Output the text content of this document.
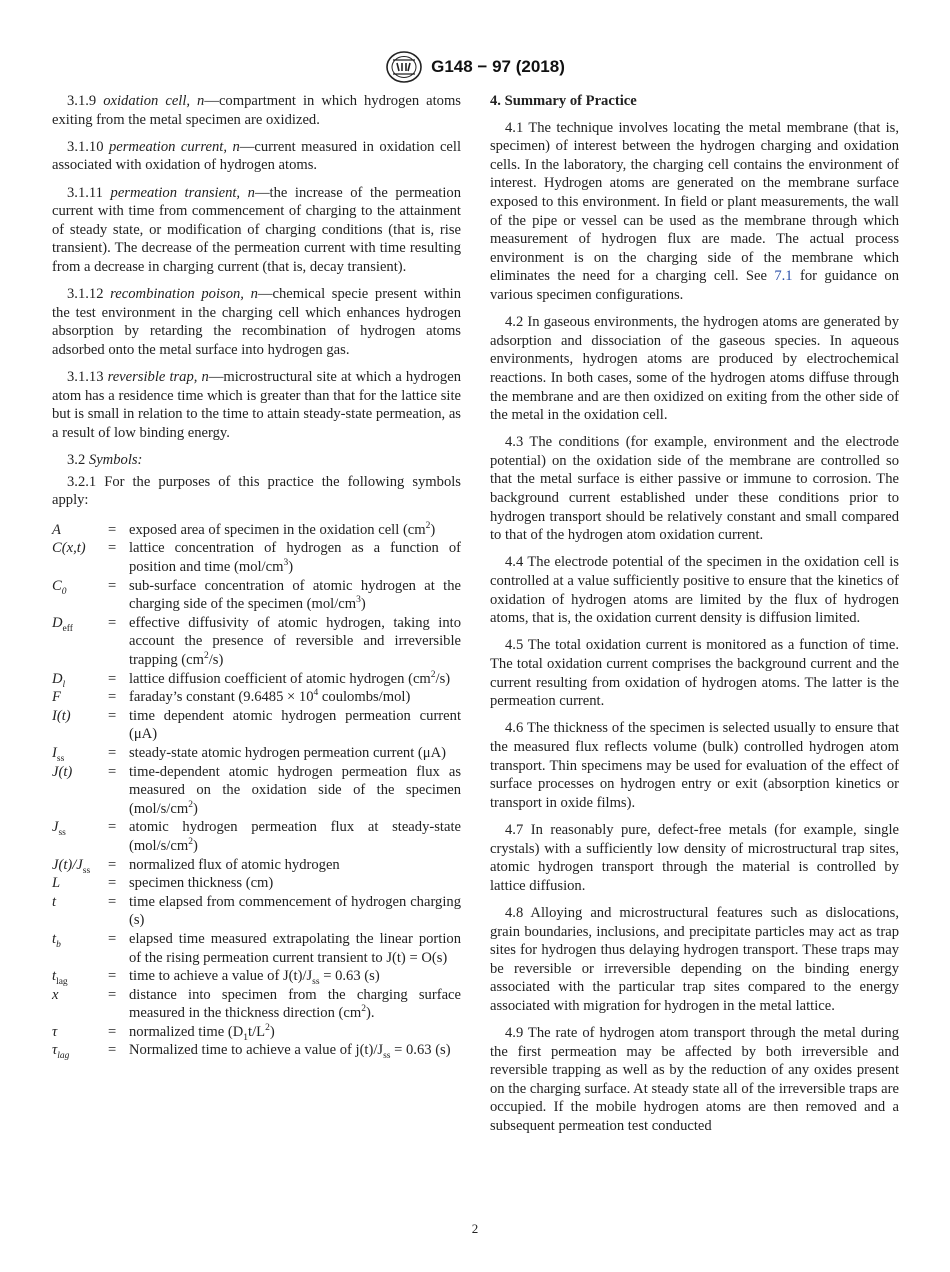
G148 − 97 (2018)

3.1.9 oxidation cell, n—compartment in which hydrogen atoms exiting from the metal specimen are oxidized.

3.1.10 permeation current, n—current measured in oxidation cell associated with oxidation of hydrogen atoms.

3.1.11 permeation transient, n—the increase of the permeation current with time from commencement of charging to the attainment of steady state, or modification of charging conditions (that is, rise transient). The decrease of the permeation current with time resulting from a decrease in charging current (that is, decay transient).

3.1.12 recombination poison, n—chemical specie present within the test environment in the charging cell which enhances hydrogen absorption by retarding the recombination of hydrogen atoms adsorbed onto the metal surface into hydrogen gas.

3.1.13 reversible trap, n—microstructural site at which a hydrogen atom has a residence time which is greater than that for the lattice site but is small in relation to the time to attain steady-state permeation, as a result of low binding energy.

3.2 Symbols:

3.2.1 For the purposes of this practice the following symbols apply:

A	= exposed area of specimen in the oxidation cell $(cm^2)$
C(x,t)	= lattice concentration of hydrogen as a function of position and time $(mol/cm^3)$
$C_0$	= sub-surface concentration of atomic hydrogen at the charging side of the specimen $(mol/cm^3)$
$D_{eff}$	= effective diffusivity of atomic hydrogen, taking into account the presence of reversible and irreversible trapping $(cm^2/s)$
$D_l$	= lattice diffusion coefficient of atomic hydrogen $(cm^2/s)$
F	= faraday’s constant ($9.6485 \times 10^4$ coulombs/mol)
I(t)	= time dependent atomic hydrogen permeation current (μA)
$I_{ss}$	= steady-state atomic hydrogen permeation current (μA)
J(t)	= time-dependent atomic hydrogen permeation flux as measured on the oxidation side of the specimen $(mol/s/cm^2)$
$J_{ss}$	= atomic hydrogen permeation flux at steady-state $(mol/s/cm^2)$
$J(t)/J_{ss}$	= normalized flux of atomic hydrogen
L	= specimen thickness (cm)
t	= time elapsed from commencement of hydrogen charging (s)
$t_b$	= elapsed time measured extrapolating the linear portion of the rising permeation current transient to J(t) = O(s)
$t_{lag}$	= time to achieve a value of $J(t)/J_{ss} = 0.63$ (s)
x	= distance into specimen from the charging surface measured in the thickness direction $(cm^2)$.
τ	= normalized time $(D_1t/L^2)$
$\tau_{lag}$	= Normalized time to achieve a value of $j(t)/J_{ss} = 0.63$ (s)
4. Summary of Practice

4.1 The technique involves locating the metal membrane (that is, specimen) of interest between the hydrogen charging and oxidation cells. In the laboratory, the charging cell contains the environment of interest. Hydrogen atoms are generated on the membrane surface exposed to this environment. In field or plant measurements, the wall of the pipe or vessel can be used as the membrane through which measurement of hydrogen flux are made. The actual process environment is on the charging side of the membrane which eliminates the need for a charging cell. See 7.1 for guidance on various specimen configurations.

4.2 In gaseous environments, the hydrogen atoms are generated by adsorption and dissociation of the gaseous species. In aqueous environments, hydrogen atoms are produced by electrochemical reactions. In both cases, some of the hydrogen atoms diffuse through the membrane and are then oxidized on exiting from the other side of the metal in the oxidation cell.

4.3 The conditions (for example, environment and the electrode potential) on the oxidation side of the membrane are controlled so that the metal surface is either passive or immune to corrosion. The background current established under these conditions prior to hydrogen transport should be relatively constant and small compared to that of the hydrogen atom oxidation current.

4.4 The electrode potential of the specimen in the oxidation cell is controlled at a value sufficiently positive to ensure that the kinetics of oxidation of hydrogen atoms are limited by the flux of hydrogen atoms, that is, the oxidation current density is diffusion limited.

4.5 The total oxidation current is monitored as a function of time. The total oxidation current comprises the background current and the current resulting from oxidation of hydrogen atoms. The latter is the permeation current.

4.6 The thickness of the specimen is selected usually to ensure that the measured flux reflects volume (bulk) controlled hydrogen atom transport. Thin specimens may be used for evaluation of the effect of surface processes on hydrogen entry or exit (absorption kinetics or transport in oxide films).

4.7 In reasonably pure, defect-free metals (for example, single crystals) with a sufficiently low density of microstructural trap sites, atomic hydrogen transport through the material is controlled by lattice diffusion.

4.8 Alloying and microstructural features such as dislocations, grain boundaries, inclusions, and precipitate particles may act as trap sites for hydrogen thus delaying hydrogen transport. These traps may be reversible or irreversible depending on the binding energy associated with the particular trap sites compared to the energy associated with migration for hydrogen in the metal lattice.

4.9 The rate of hydrogen atom transport through the metal during the first permeation may be affected by both irreversible and reversible trapping as well as by the reduction of any oxides present on the charging surface. At steady state all of the irreversible traps are occupied. If the mobile hydrogen atoms are then removed and a subsequent permeation test conducted

2
